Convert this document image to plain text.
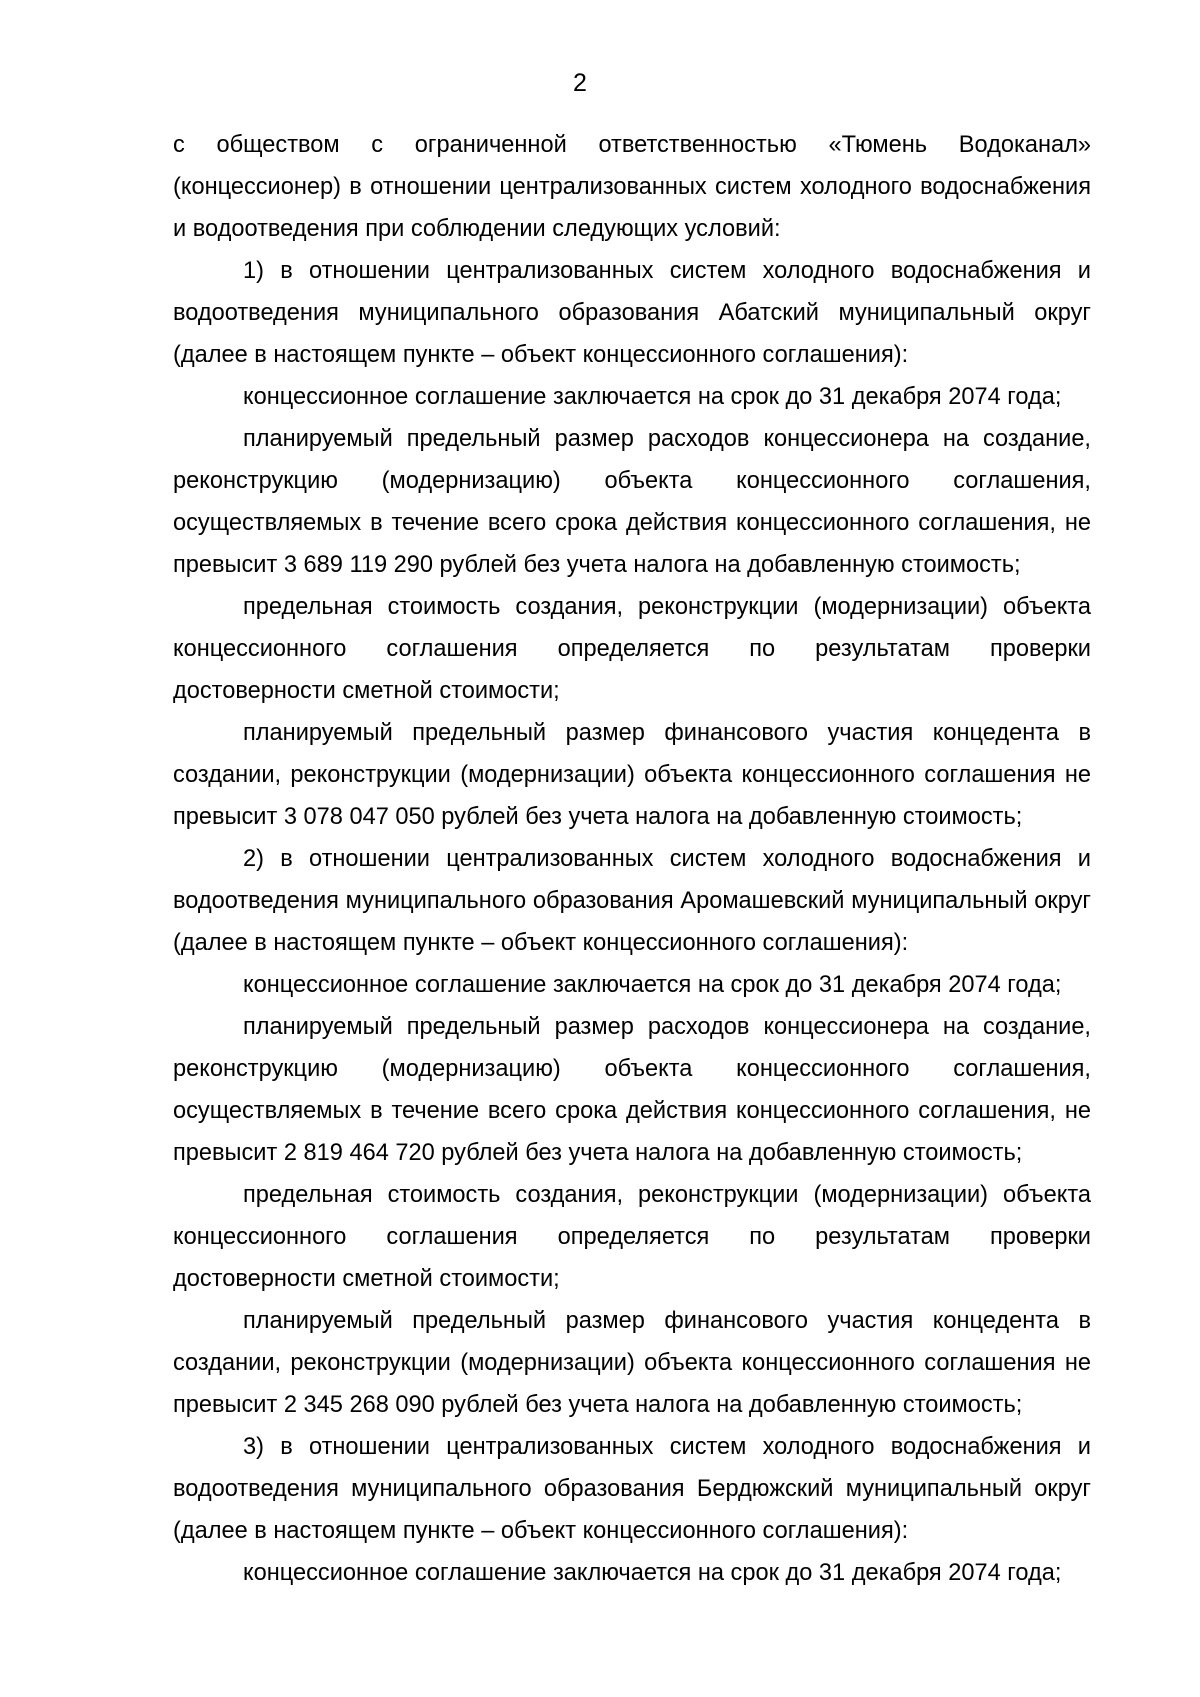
2

с обществом с ограниченной ответственностью «Тюмень Водоканал» (концессионер) в отношении централизованных систем холодного водоснабжения и водоотведения при соблюдении следующих условий:

1) в отношении централизованных систем холодного водоснабжения и водоотведения муниципального образования Абатский муниципальный округ (далее в настоящем пункте – объект концессионного соглашения):

концессионное соглашение заключается на срок до 31 декабря 2074 года;

планируемый предельный размер расходов концессионера на создание, реконструкцию (модернизацию) объекта концессионного соглашения, осуществляемых в течение всего срока действия концессионного соглашения, не превысит 3 689 119 290 рублей без учета налога на добавленную стоимость;

предельная стоимость создания, реконструкции (модернизации) объекта концессионного соглашения определяется по результатам проверки достоверности сметной стоимости;

планируемый предельный размер финансового участия концедента в создании, реконструкции (модернизации) объекта концессионного соглашения не превысит 3 078 047 050 рублей без учета налога на добавленную стоимость;

2) в отношении централизованных систем холодного водоснабжения и водоотведения муниципального образования Аромашевский муниципальный округ (далее в настоящем пункте – объект концессионного соглашения):

концессионное соглашение заключается на срок до 31 декабря 2074 года;

планируемый предельный размер расходов концессионера на создание, реконструкцию (модернизацию) объекта концессионного соглашения, осуществляемых в течение всего срока действия концессионного соглашения, не превысит 2 819 464 720 рублей без учета налога на добавленную стоимость;

предельная стоимость создания, реконструкции (модернизации) объекта концессионного соглашения определяется по результатам проверки достоверности сметной стоимости;

планируемый предельный размер финансового участия концедента в создании, реконструкции (модернизации) объекта концессионного соглашения не превысит 2 345 268 090 рублей без учета налога на добавленную стоимость;

3) в отношении централизованных систем холодного водоснабжения и водоотведения муниципального образования Бердюжский муниципальный округ (далее в настоящем пункте – объект концессионного соглашения):

концессионное соглашение заключается на срок до 31 декабря 2074 года;
